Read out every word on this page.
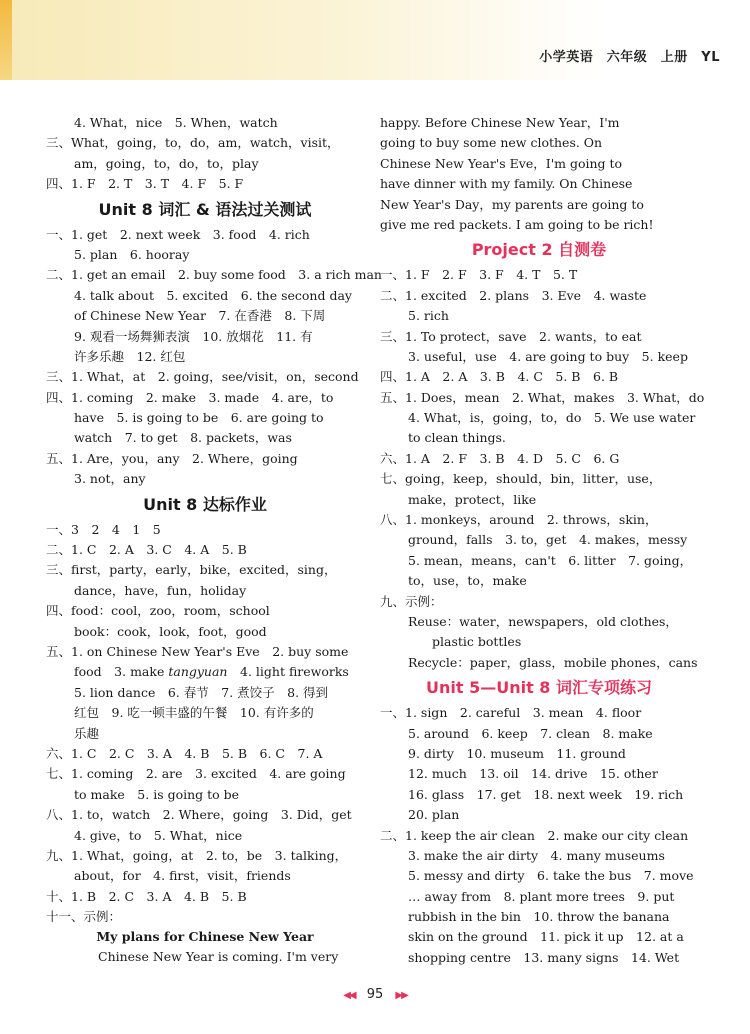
小学英语　六年级　上册　YL
4. What，nice　5. When，watch
三、What，going，to，do，am，watch，visit，
am，going，to，do，to，play
四、1. F　2. T　3. T　4. F　5. F
Unit 8 词汇 & 语法过关测试
一、1. get　2. next week　3. food　4. rich
5. plan　6. hooray
二、1. get an email　2. buy some food　3. a rich man
4. talk about　5. excited　6. the second day
of Chinese New Year　7. 在香港　8. 下周
9. 观看一场舞狮表演　10. 放烟花　11. 有
许多乐趣　12. 红包
三、1. What，at　2. going，see/visit，on，second
四、1. coming　2. make　3. made　4. are，to
have　5. is going to be　6. are going to
watch　7. to get　8. packets，was
五、1. Are，you，any　2. Where，going
3. not，any
Unit 8 达标作业
一、3　2　4　1　5
二、1. C　2. A　3. C　4. A　5. B
三、first，party，early，bike，excited，sing，
dance，have，fun，holiday
四、food：cool，zoo，room，school
book：cook，look，foot，good
五、1. on Chinese New Year's Eve　2. buy some
food　3. make tangyuan　4. light fireworks
5. lion dance　6. 春节　7. 煮饺子　8. 得到
红包　9. 吃一顿丰盛的午餐　10. 有许多的
乐趣
六、1. C　2. C　3. A　4. B　5. B　6. C　7. A
七、1. coming　2. are　3. excited　4. are going
to make　5. is going to be
八、1. to，watch　2. Where，going　3. Did，get
4. give，to　5. What，nice
九、1. What，going，at　2. to，be　3. talking，
about，for　4. first，visit，friends
十、1. B　2. C　3. A　4. B　5. B
十一、示例：
My plans for Chinese New Year
Chinese New Year is coming. I'm very
happy. Before Chinese New Year，I'm
going to buy some new clothes. On
Chinese New Year's Eve，I'm going to
have dinner with my family. On Chinese
New Year's Day，my parents are going to
give me red packets. I am going to be rich!
Project 2 自测卷
一、1. F　2. F　3. F　4. T　5. T
二、1. excited　2. plans　3. Eve　4. waste
5. rich
三、1. To protect，save　2. wants，to eat
3. useful，use　4. are going to buy　5. keep
四、1. A　2. A　3. B　4. C　5. B　6. B
五、1. Does，mean　2. What，makes　3. What，do
4. What，is，going，to，do　5. We use water
to clean things.
六、1. A　2. F　3. B　4. D　5. C　6. G
七、going，keep，should，bin，litter，use，
make，protect，like
八、1. monkeys，around　2. throws，skin，
ground，falls　3. to，get　4. makes，messy
5. mean，means，can't　6. litter　7. going，
to，use，to，make
九、示例：
Reuse：water，newspapers，old clothes，
plastic bottles
Recycle：paper，glass，mobile phones，cans
Unit 5—Unit 8 词汇专项练习
一、1. sign　2. careful　3. mean　4. floor
5. around　6. keep　7. clean　8. make
9. dirty　10. museum　11. ground
12. much　13. oil　14. drive　15. other
16. glass　17. get　18. next week　19. rich
20. plan
二、1. keep the air clean　2. make our city clean
3. make the air dirty　4. many museums
5. messy and dirty　6. take the bus　7. move
… away from　8. plant more trees　9. put
rubbish in the bin　10. throw the banana
skin on the ground　11. pick it up　12. at a
shopping centre　13. many signs　14. Wet
◀◀ 95 ▶▶
